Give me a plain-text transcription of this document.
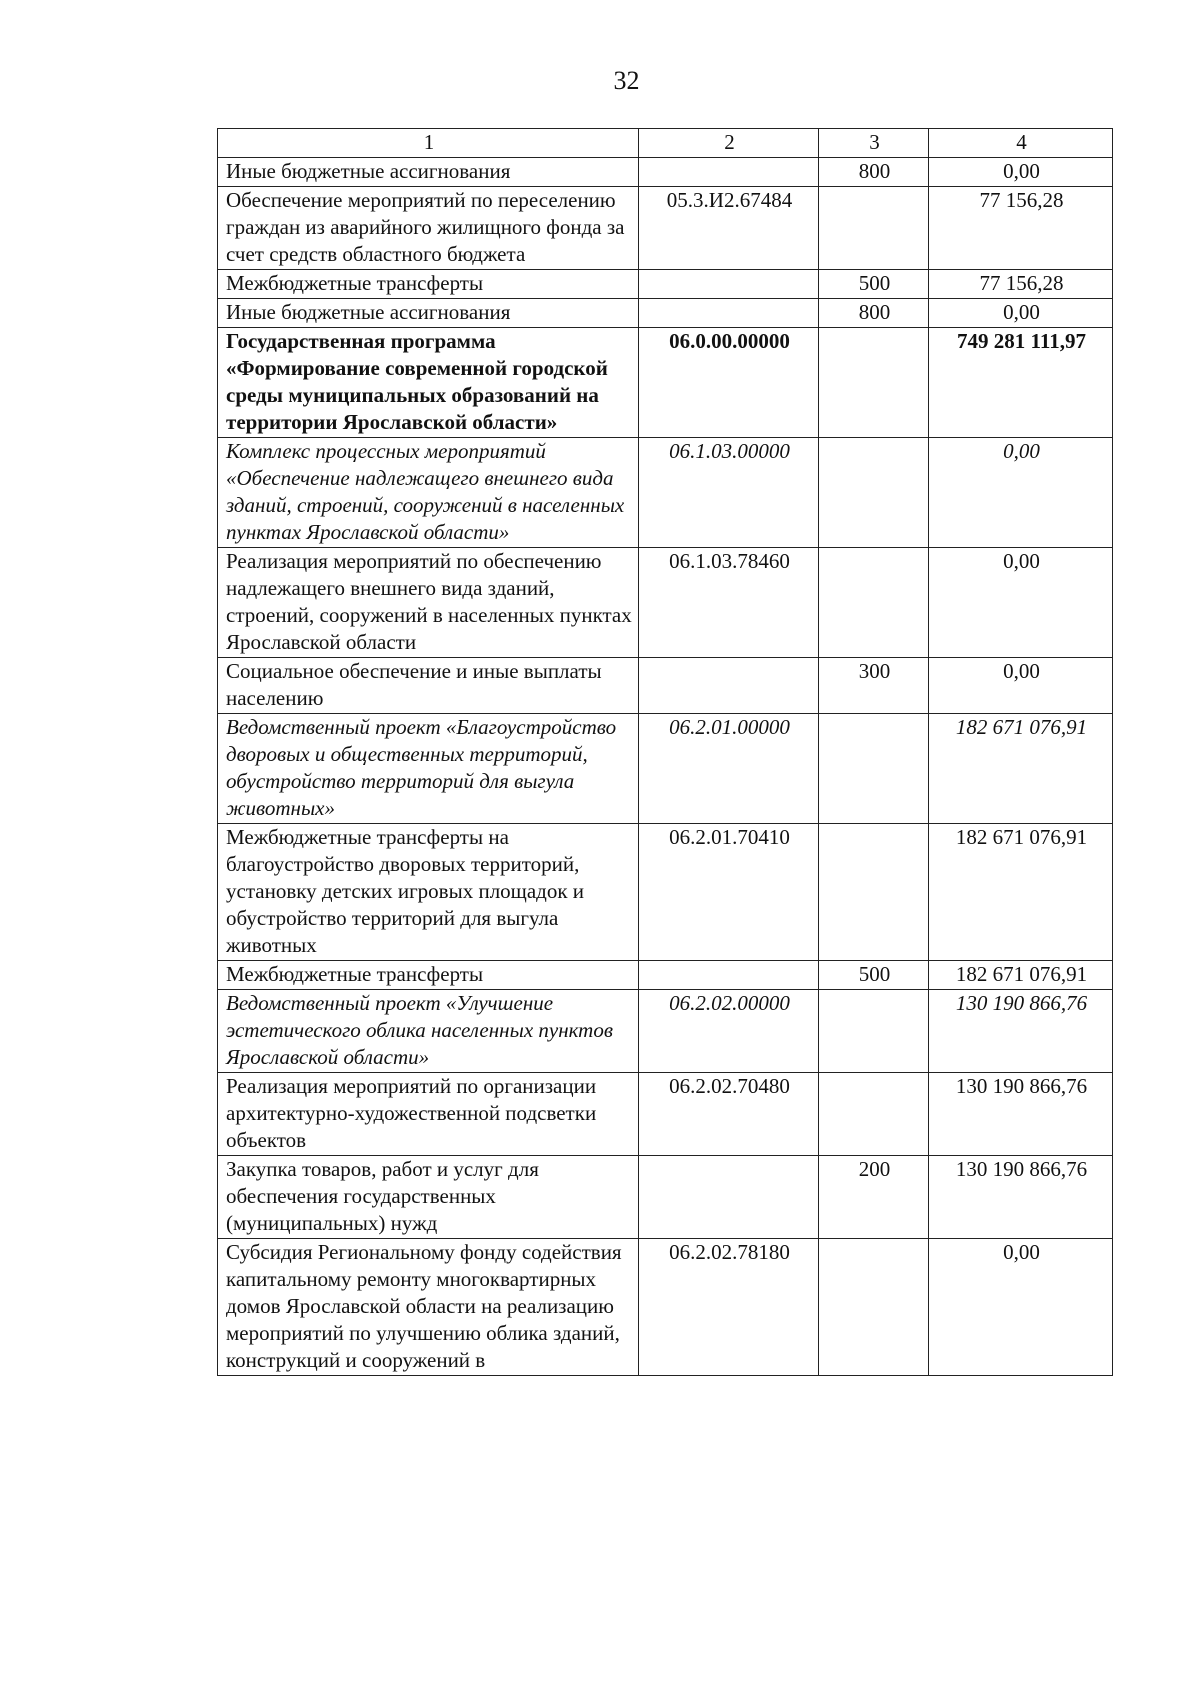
32
1	2	3	4
Иные бюджетные ассигнования		800	0,00
Обеспечение мероприятий по переселению граждан из аварийного жилищного фонда за счет средств областного бюджета	05.3.И2.67484		77 156,28
Межбюджетные трансферты		500	77 156,28
Иные бюджетные ассигнования		800	0,00
Государственная программа «Формирование современной городской среды муниципальных образований на территории Ярославской области»	06.0.00.00000		749 281 111,97
Комплекс процессных мероприятий «Обеспечение надлежащего внешнего вида зданий, строений, сооружений в населенных пунктах Ярославской области»	06.1.03.00000		0,00
Реализация мероприятий по обеспечению надлежащего внешнего вида зданий, строений, сооружений в населенных пунктах Ярославской области	06.1.03.78460		0,00
Социальное обеспечение и иные выплаты населению		300	0,00
Ведомственный проект «Благоустройство дворовых и общественных территорий, обустройство территорий для выгула животных»	06.2.01.00000		182 671 076,91
Межбюджетные трансферты на благоустройство дворовых территорий, установку детских игровых площадок и обустройство территорий для выгула животных	06.2.01.70410		182 671 076,91
Межбюджетные трансферты		500	182 671 076,91
Ведомственный проект «Улучшение эстетического облика населенных пунктов Ярославской области»	06.2.02.00000		130 190 866,76
Реализация мероприятий по организации архитектурно-художественной подсветки объектов	06.2.02.70480		130 190 866,76
Закупка товаров, работ и услуг для обеспечения государственных (муниципальных) нужд		200	130 190 866,76
Субсидия Региональному фонду содействия капитальному ремонту многоквартирных домов Ярославской области на реализацию мероприятий по улучшению облика зданий, конструкций и сооружений в	06.2.02.78180		0,00
